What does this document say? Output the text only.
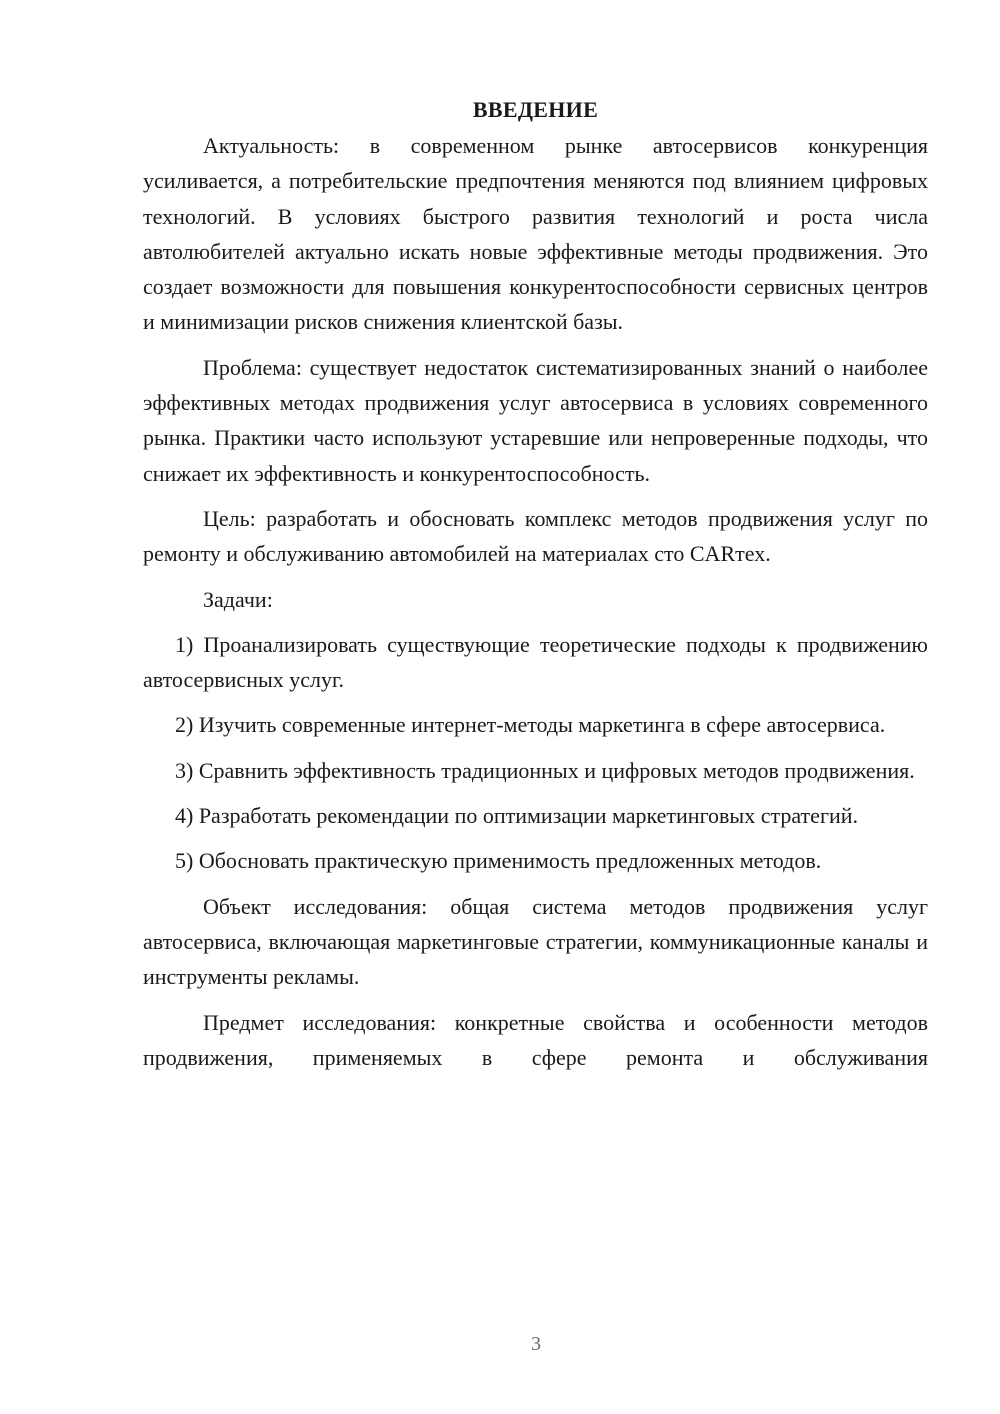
ВВЕДЕНИЕ

Актуальность: в современном рынке автосервисов конкуренция усиливается, а потребительские предпочтения меняются под влиянием цифровых технологий. В условиях быстрого развития технологий и роста числа автолюбителей актуально искать новые эффективные методы продвижения. Это создает возможности для повышения конкурентоспособности сервисных центров и минимизации рисков снижения клиентской базы.

Проблема: существует недостаток систематизированных знаний о наиболее эффективных методах продвижения услуг автосервиса в условиях современного рынка. Практики часто используют устаревшие или непроверенные подходы, что снижает их эффективность и конкурентоспособность.

Цель: разработать и обосновать комплекс методов продвижения услуг по ремонту и обслуживанию автомобилей на материалах сто CARтех.

Задачи:

1) Проанализировать существующие теоретические подходы к продвижению автосервисных услуг.

2) Изучить современные интернет-методы маркетинга в сфере автосервиса.

3) Сравнить эффективность традиционных и цифровых методов продвижения.

4) Разработать рекомендации по оптимизации маркетинговых стратегий.

5) Обосновать практическую применимость предложенных методов.

Объект исследования: общая система методов продвижения услуг автосервиса, включающая маркетинговые стратегии, коммуникационные каналы и инструменты рекламы.

Предмет исследования: конкретные свойства и особенности методов продвижения, применяемых в сфере ремонта и обслуживания

3
